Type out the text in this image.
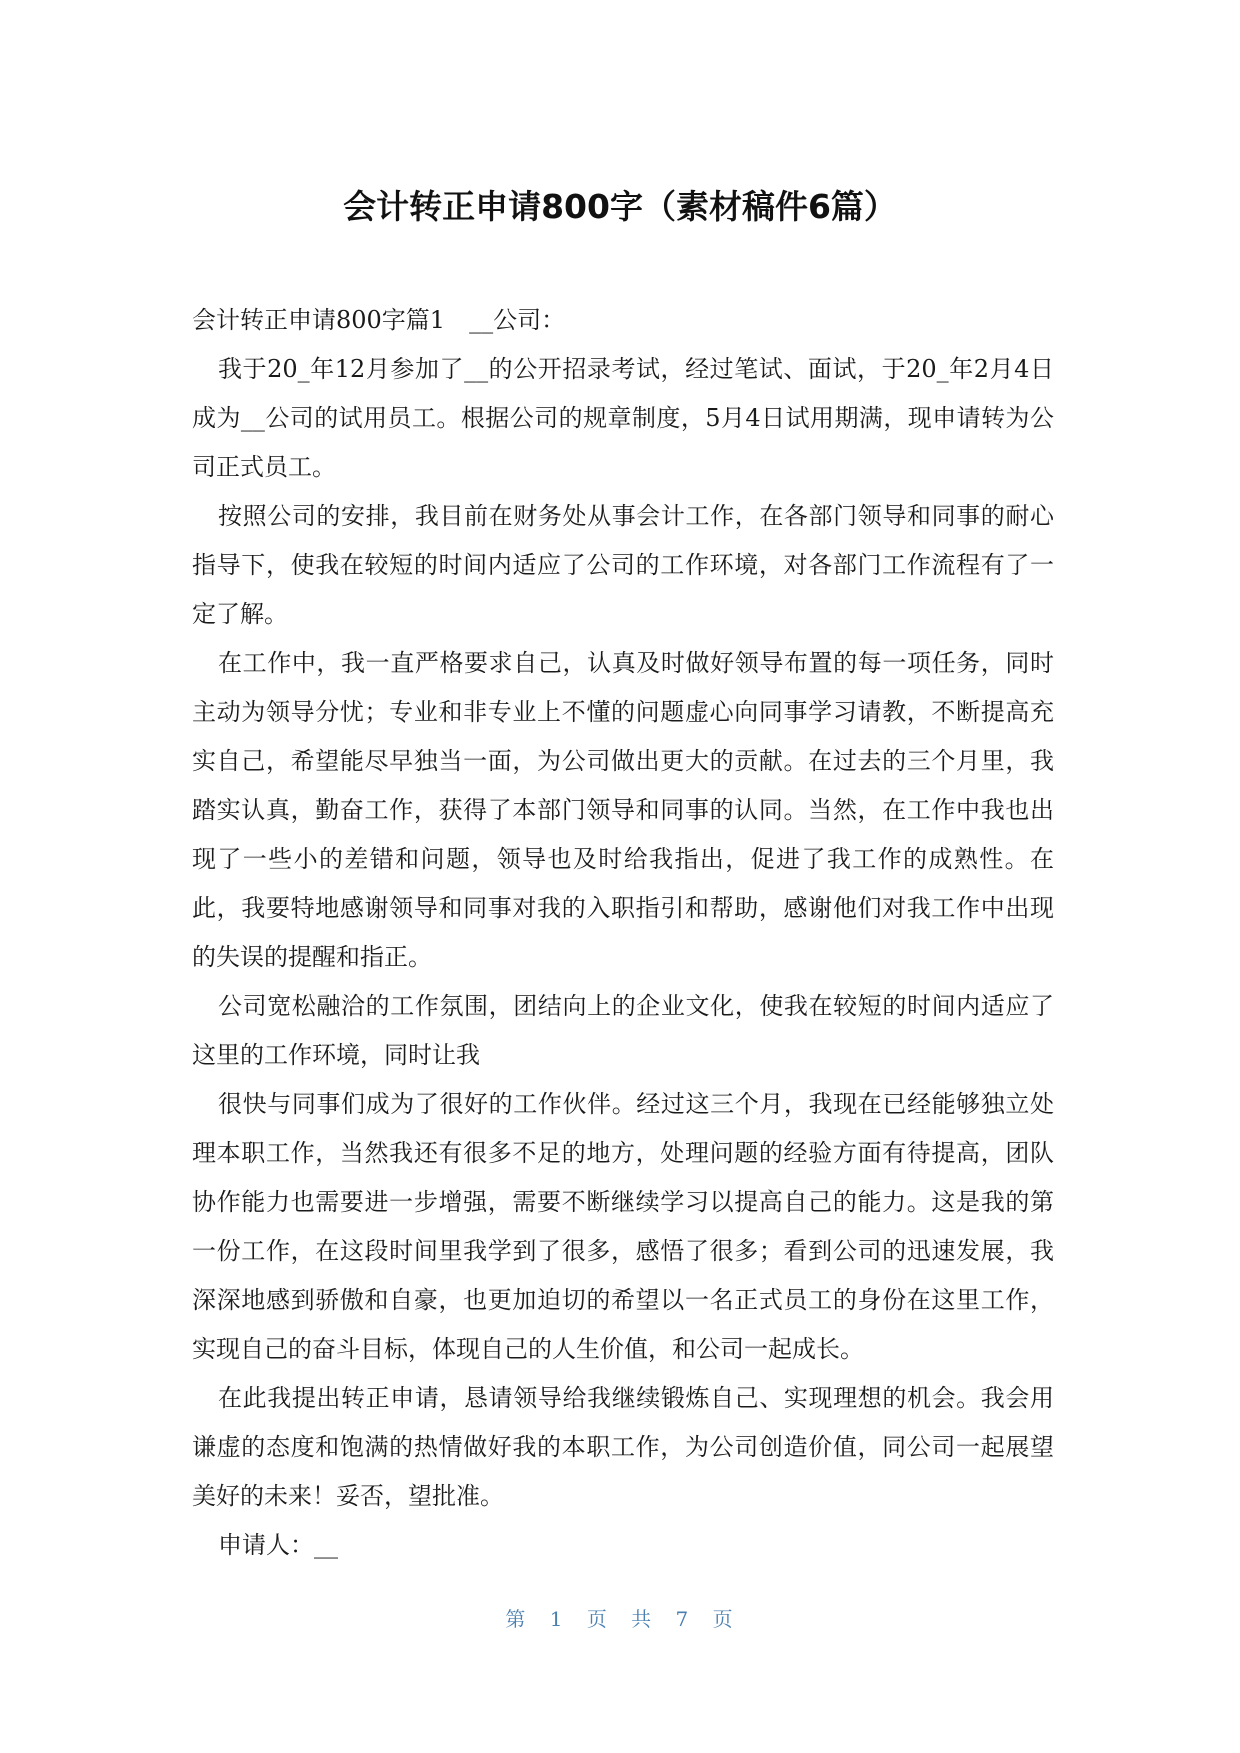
会计转正申请800字（素材稿件6篇）

会计转正申请800字篇1　__公司：

我于20_年12月参加了__的公开招录考试，经过笔试、面试，于20_年2月4日成为__公司的试用员工。根据公司的规章制度，5月4日试用期满，现申请转为公司正式员工。

按照公司的安排，我目前在财务处从事会计工作，在各部门领导和同事的耐心指导下，使我在较短的时间内适应了公司的工作环境，对各部门工作流程有了一定了解。

在工作中，我一直严格要求自己，认真及时做好领导布置的每一项任务，同时主动为领导分忧；专业和非专业上不懂的问题虚心向同事学习请教，不断提高充实自己，希望能尽早独当一面，为公司做出更大的贡献。在过去的三个月里，我踏实认真，勤奋工作，获得了本部门领导和同事的认同。当然，在工作中我也出现了一些小的差错和问题，领导也及时给我指出，促进了我工作的成熟性。在此，我要特地感谢领导和同事对我的入职指引和帮助，感谢他们对我工作中出现的失误的提醒和指正。

公司宽松融洽的工作氛围，团结向上的企业文化，使我在较短的时间内适应了这里的工作环境，同时让我

很快与同事们成为了很好的工作伙伴。经过这三个月，我现在已经能够独立处理本职工作，当然我还有很多不足的地方，处理问题的经验方面有待提高，团队协作能力也需要进一步增强，需要不断继续学习以提高自己的能力。这是我的第一份工作，在这段时间里我学到了很多，感悟了很多；看到公司的迅速发展，我深深地感到骄傲和自豪，也更加迫切的希望以一名正式员工的身份在这里工作，实现自己的奋斗目标，体现自己的人生价值，和公司一起成长。

在此我提出转正申请，恳请领导给我继续锻炼自己、实现理想的机会。我会用谦虚的态度和饱满的热情做好我的本职工作，为公司创造价值，同公司一起展望美好的未来！妥否，望批准。

申请人：__

第 1 页 共 7 页
